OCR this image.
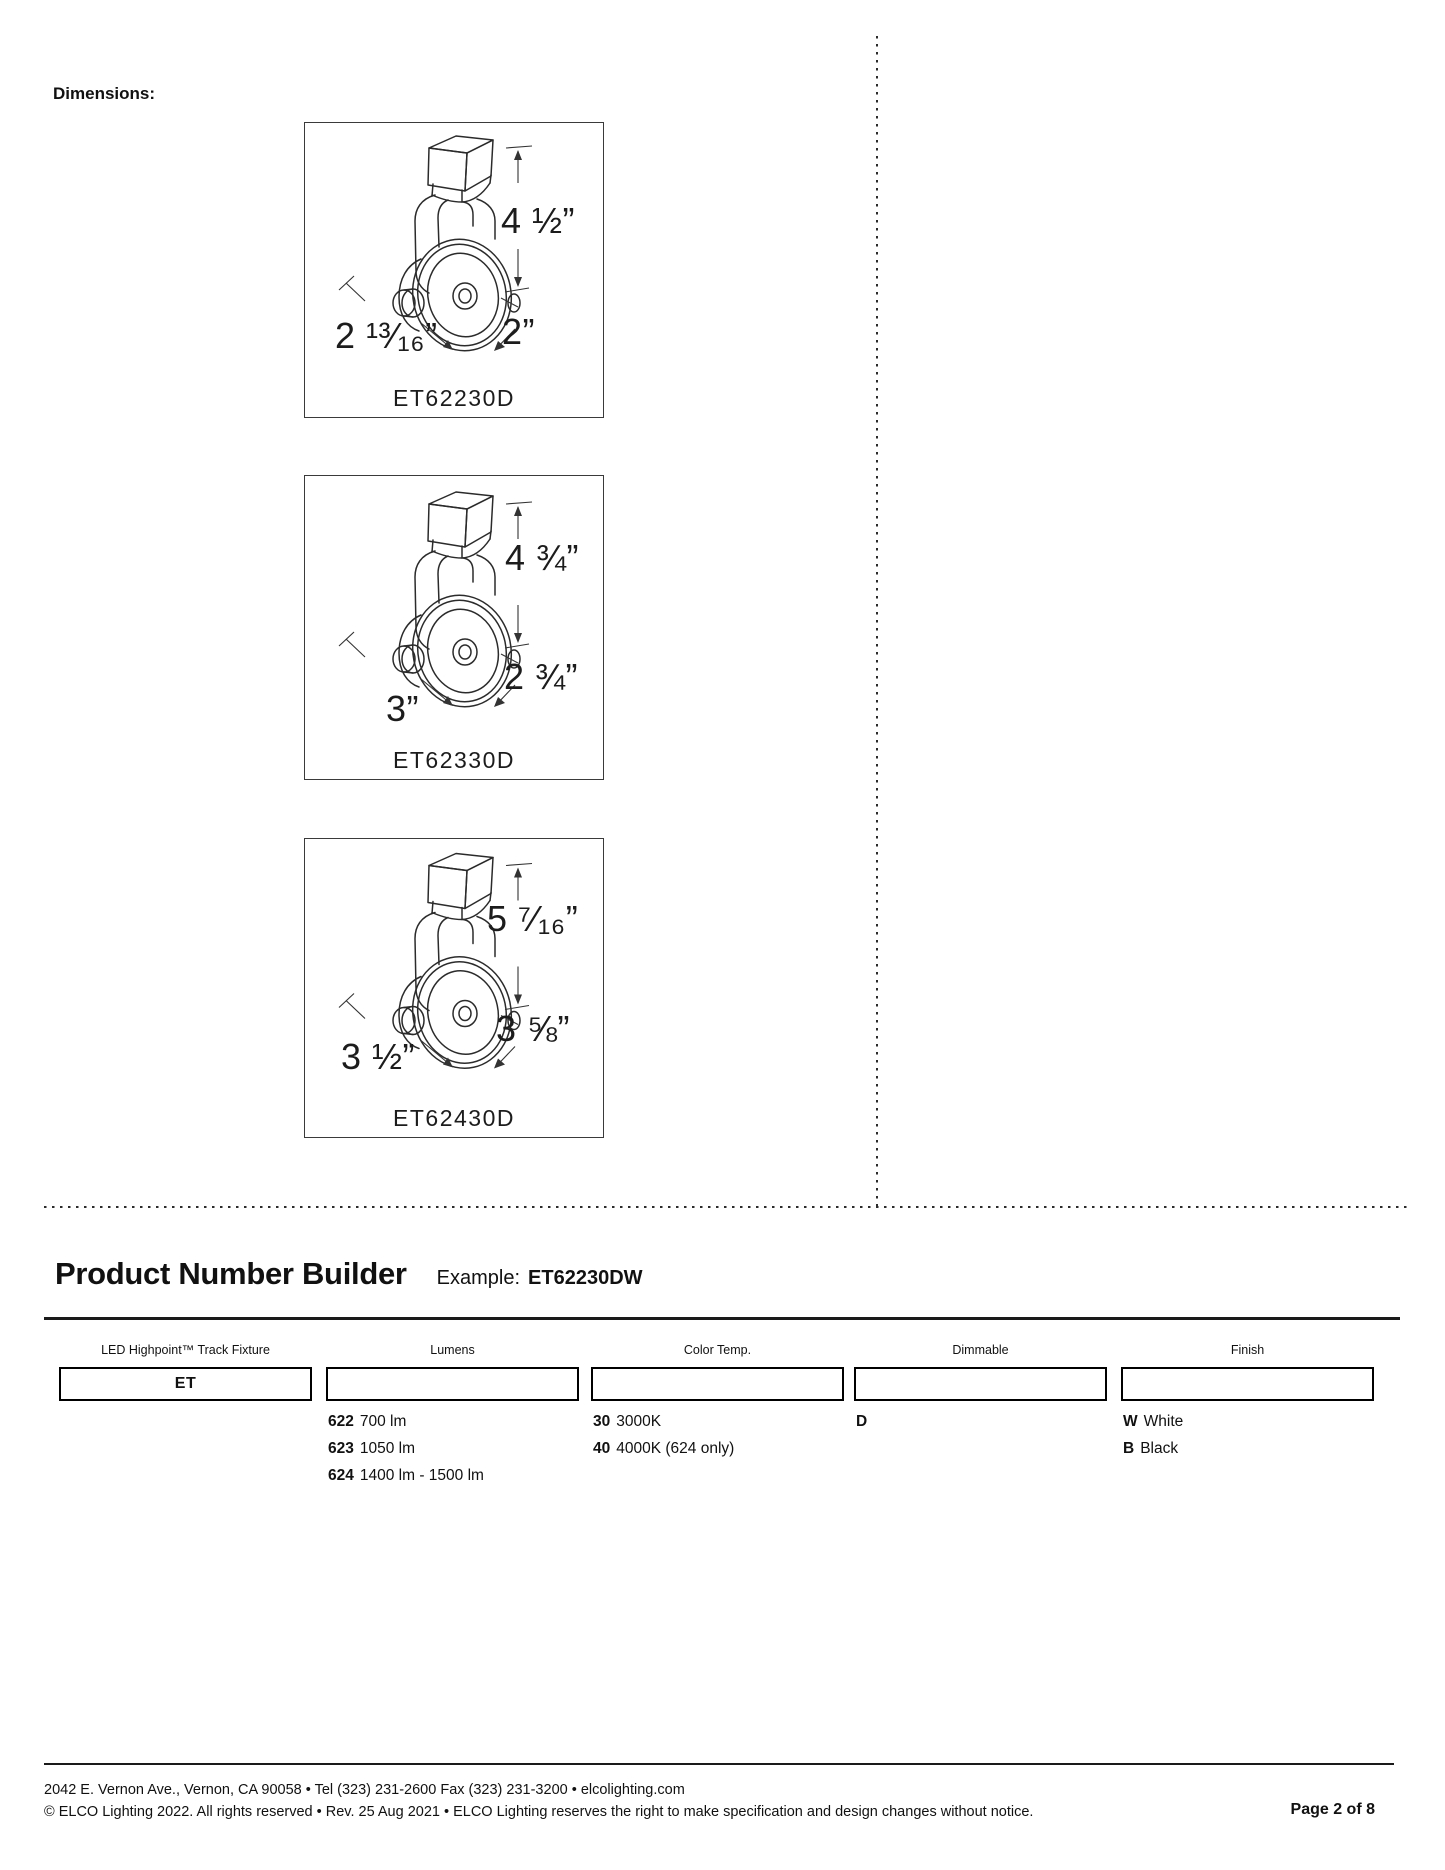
Dimensions:
4 ½”
2 ¹³⁄₁₆” 2”
ET62230D
4 ¾”
3”
2 ¾”
ET62330D
5 ⁷⁄₁₆”
3 ½”
3 ⅝”
ET62430D
Product Number Builder Example: ET62230DW
LED Highpoint™ Track Fixture
ET
Lumens
622 700 lm
623 1050 lm
624 1400 lm - 1500 lm
Color Temp.
30 3000K
40 4000K (624 only)
Dimmable
D
Finish
W White
B Black
2042 E. Vernon Ave., Vernon, CA 90058 • Tel (323) 231-2600 Fax (323) 231-3200 • elcolighting.com
© ELCO Lighting 2022. All rights reserved • Rev. 25 Aug 2021 • ELCO Lighting reserves the right to make specification and design changes without notice.	Page 2 of 8
